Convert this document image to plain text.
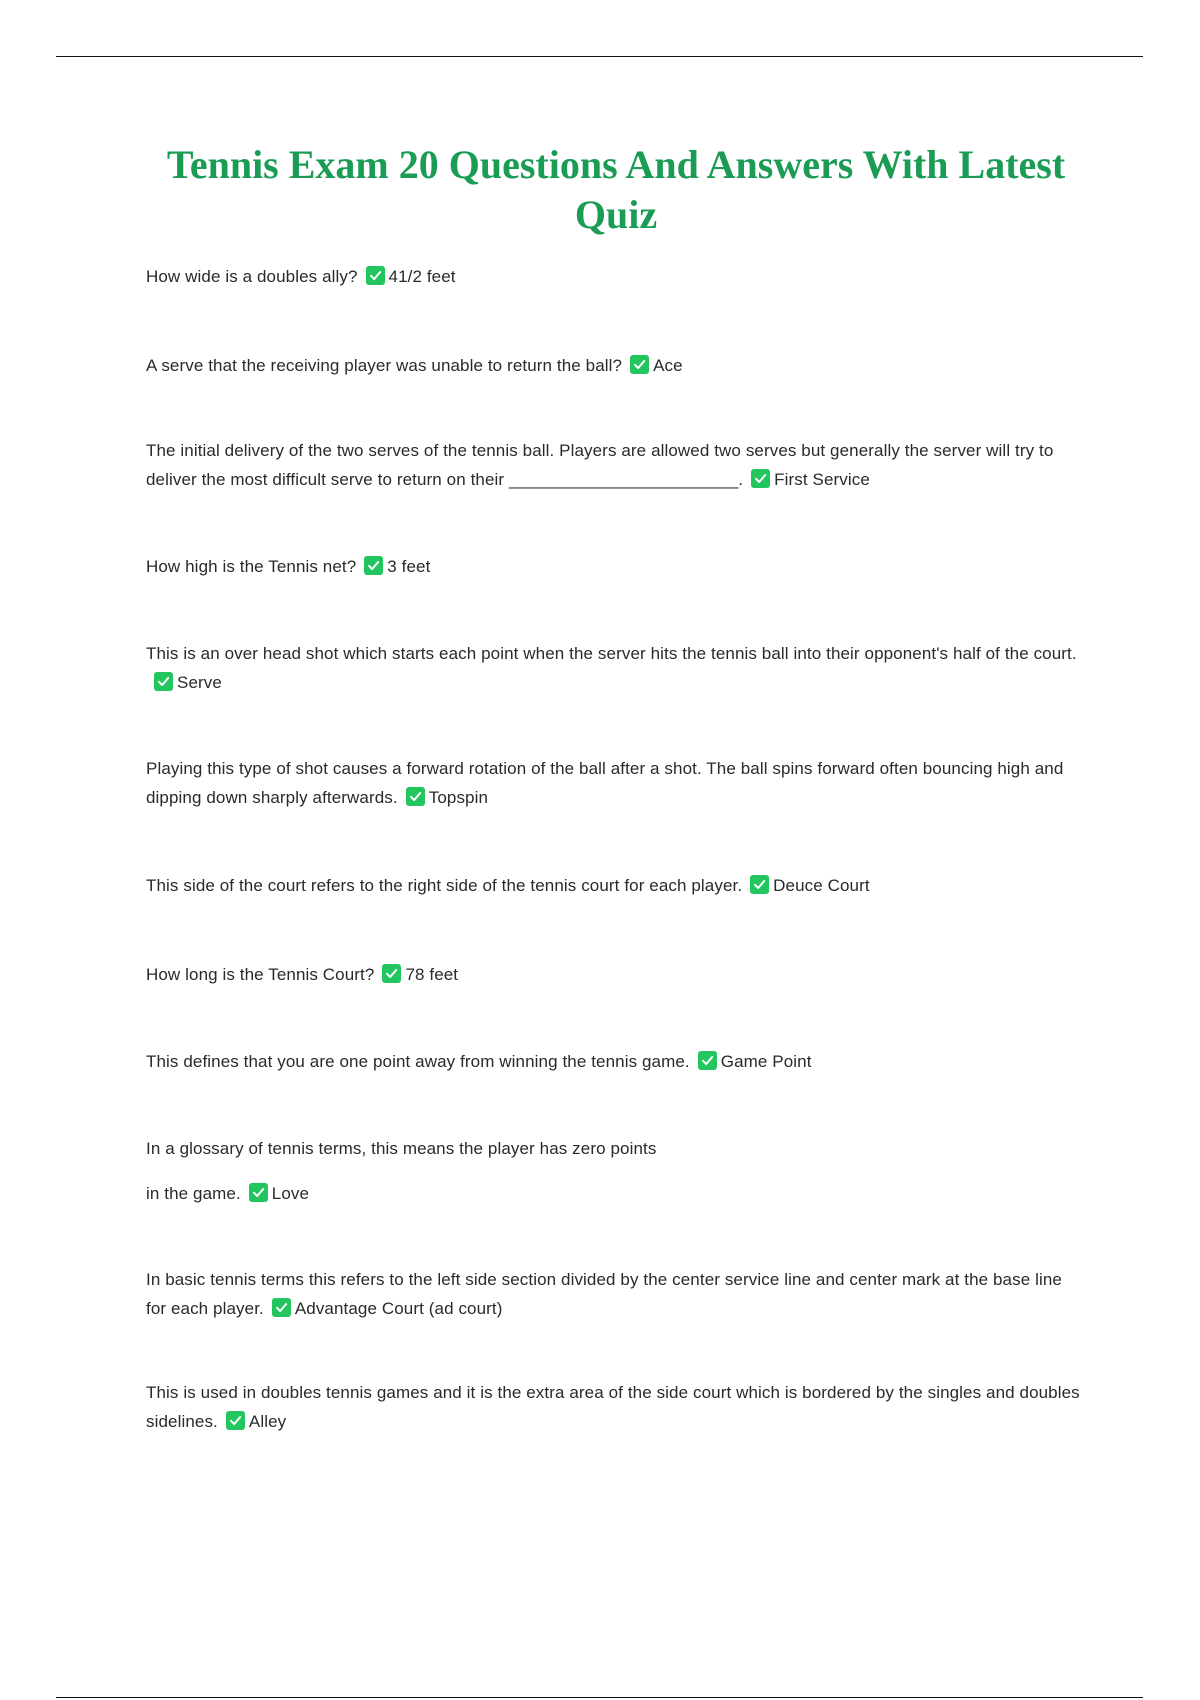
Tennis Exam 20 Questions And Answers With Latest Quiz

How wide is a doubles ally? 41/2 feet

A serve that the receiving player was unable to return the ball? Ace

The initial delivery of the two serves of the tennis ball. Players are allowed two serves but generally the server will try to deliver the most difficult serve to return on their ________________________. First Service

How high is the Tennis net? 3 feet

This is an over head shot which starts each point when the server hits the tennis ball into their opponent's half of the court.
Serve

Playing this type of shot causes a forward rotation of the ball after a shot. The ball spins forward often bouncing high and dipping down sharply afterwards. Topspin

This side of the court refers to the right side of the tennis court for each player. Deuce Court

How long is the Tennis Court? 78 feet

This defines that you are one point away from winning the tennis game. Game Point

In a glossary of tennis terms, this means the player has zero points

in the game. Love

In basic tennis terms this refers to the left side section divided by the center service line and center mark at the base line for each player. Advantage Court (ad court)

This is used in doubles tennis games and it is the extra area of the side court which is bordered by the singles and doubles sidelines. Alley
